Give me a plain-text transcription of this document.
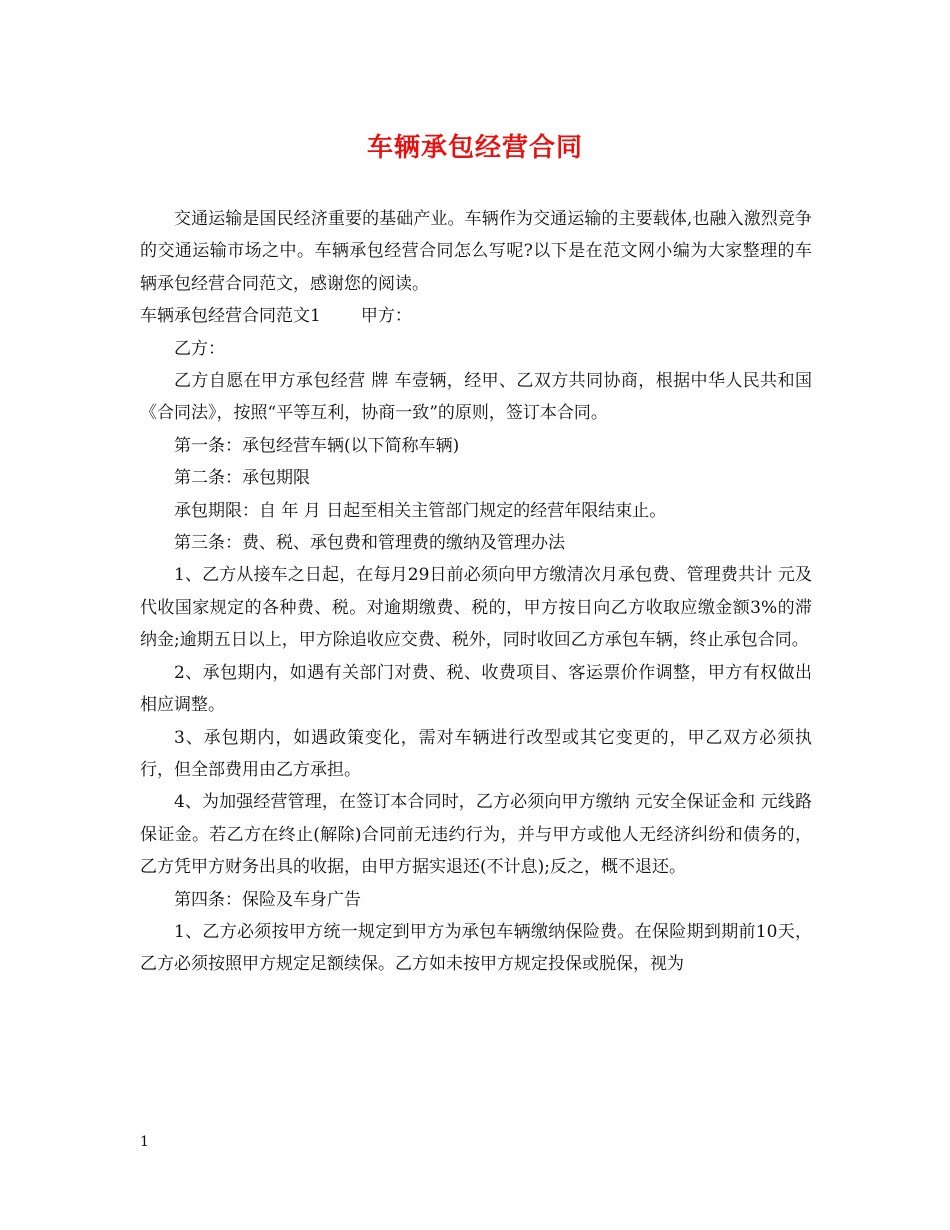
车辆承包经营合同

交通运输是国民经济重要的基础产业。车辆作为交通运输的主要载体,也融入激烈竞争的交通运输市场之中。车辆承包经营合同怎么写呢?以下是在范文网小编为大家整理的车辆承包经营合同范文，感谢您的阅读。

车辆承包经营合同范文1 甲方：

乙方：

乙方自愿在甲方承包经营 牌 车壹辆，经甲、乙双方共同协商，根据中华人民共和国《合同法》，按照“平等互利，协商一致”的原则，签订本合同。

第一条：承包经营车辆(以下简称车辆)

第二条：承包期限

承包期限：自 年 月 日起至相关主管部门规定的经营年限结束止。

第三条：费、税、承包费和管理费的缴纳及管理办法

1、乙方从接车之日起，在每月29日前必须向甲方缴清次月承包费、管理费共计 元及代收国家规定的各种费、税。对逾期缴费、税的，甲方按日向乙方收取应缴金额3%的滞纳金;逾期五日以上，甲方除追收应交费、税外，同时收回乙方承包车辆，终止承包合同。

2、承包期内，如遇有关部门对费、税、收费项目、客运票价作调整，甲方有权做出相应调整。

3、承包期内，如遇政策变化，需对车辆进行改型或其它变更的，甲乙双方必须执行，但全部费用由乙方承担。

4、为加强经营管理，在签订本合同时，乙方必须向甲方缴纳 元安全保证金和 元线路保证金。若乙方在终止(解除)合同前无违约行为，并与甲方或他人无经济纠纷和债务的，乙方凭甲方财务出具的收据，由甲方据实退还(不计息);反之，概不退还。

第四条：保险及车身广告

1、乙方必须按甲方统一规定到甲方为承包车辆缴纳保险费。在保险期到期前10天，乙方必须按照甲方规定足额续保。乙方如未按甲方规定投保或脱保，视为

1
